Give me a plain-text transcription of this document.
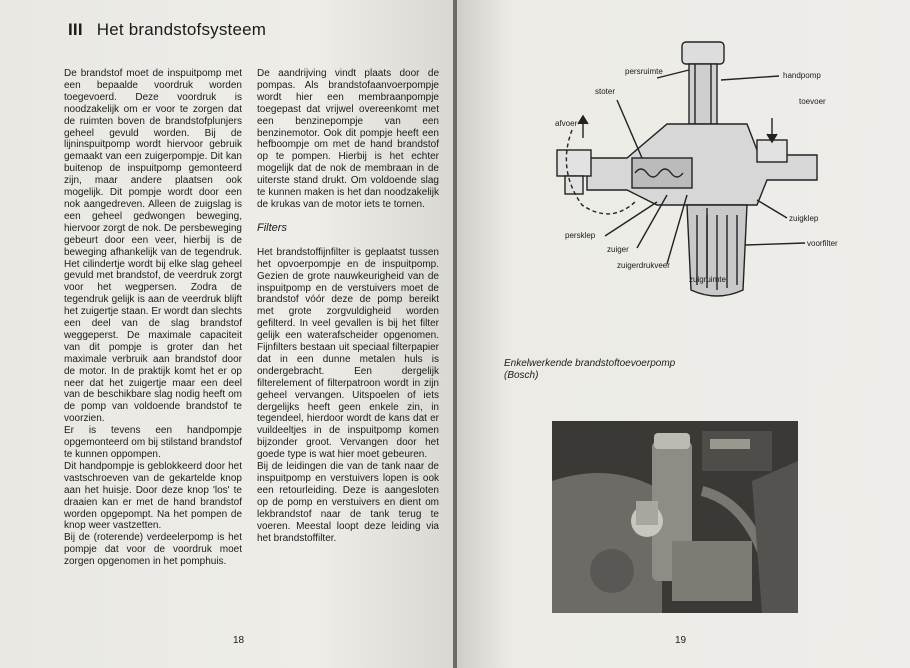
III Het brandstofsysteem

De brandstof moet de inspuitpomp met een bepaalde voordruk worden toegevoerd. Deze voordruk is noodzakelijk om er voor te zorgen dat de ruimten boven de brandstofplunjers geheel gevuld worden. Bij de lijninspuitpomp wordt hiervoor gebruik gemaakt van een zuigerpompje. Dit kan buitenop de inspuitpomp gemonteerd zijn, maar andere plaatsen ook mogelijk. Dit pompje wordt door een nok aangedreven. Alleen de zuigslag is een geheel gedwongen beweging, hiervoor zorgt de nok. De persbeweging gebeurt door een veer, hierbij is de beweging afhankelijk van de tegendruk. Het cilindertje wordt bij elke slag geheel gevuld met brandstof, de veerdruk zorgt voor het wegpersen. Zodra de tegendruk gelijk is aan de veerdruk blijft het zuigertje staan. Er wordt dan slechts een deel van de slag brandstof weggeperst. De maximale capaciteit van dit pompje is groter dan het maximale verbruik aan brandstof door de motor. In de praktijk komt het er op neer dat het zuigertje maar een deel van de beschikbare slag nodig heeft om de pomp van voldoende brandstof te voorzien.

Er is tevens een handpompje opgemonteerd om bij stilstand brandstof te kunnen oppompen.

Dit handpompje is geblokkeerd door het vastschroeven van de gekartelde knop aan het huisje. Door deze knop 'los' te draaien kan er met de hand brandstof worden opgepompt. Na het pompen de knop weer vastzetten.

Bij de (roterende) verdeelerpomp is het pompje dat voor de voordruk moet zorgen opgenomen in het pomphuis.

De aandrijving vindt plaats door de pompas. Als brandstofaanvoerpompje wordt hier een membraanpompje toegepast dat vrijwel overeenkomt met een benzinepompje van een benzinemotor. Ook dit pompje heeft een hefboompje om met de hand brandstof op te pompen. Hierbij is het echter mogelijk dat de nok de membraan in de uiterste stand drukt. Om voldoende slag te kunnen maken is het dan noodzakelijk de krukas van de motor iets te tornen.

Filters

Het brandstoffijnfilter is geplaatst tussen het opvoerpompje en de inspuitpomp. Gezien de grote nauwkeurigheid van de inspuitpomp en de verstuivers moet de brandstof vóór deze de pomp bereikt met grote zorgvuldigheid worden gefilterd. In veel gevallen is bij het filter gelijk een waterafscheider opgenomen. Fijnfilters bestaan uit speciaal filterpapier dat in een dunne metalen huls is ondergebracht. Een dergelijk filterelement of filterpatroon wordt in zijn geheel vervangen. Uitspoelen of iets dergelijks heeft geen enkele zin, in tegendeel, hierdoor wordt de kans dat er vuildeeltjes in de inspuitpomp komen bijzonder groot. Vervangen door het goede type is wat hier moet gebeuren.

Bij de leidingen die van de tank naar de inspuitpomp en verstuivers lopen is ook een retourleiding. Deze is aangesloten op de pomp en verstuivers en dient om lekbrandstof naar de tank terug te voeren. Meestal loopt deze leiding via het brandstoffilter.

18
persruimte	handpomp
stoter
afvoer
toevoer
zuigklep
voorfilter
persklep
zuiger
zuigerdrukveer
zuigruimte
Enkelwerkende brandstoftoevoerpomp
(Bosch)
19
